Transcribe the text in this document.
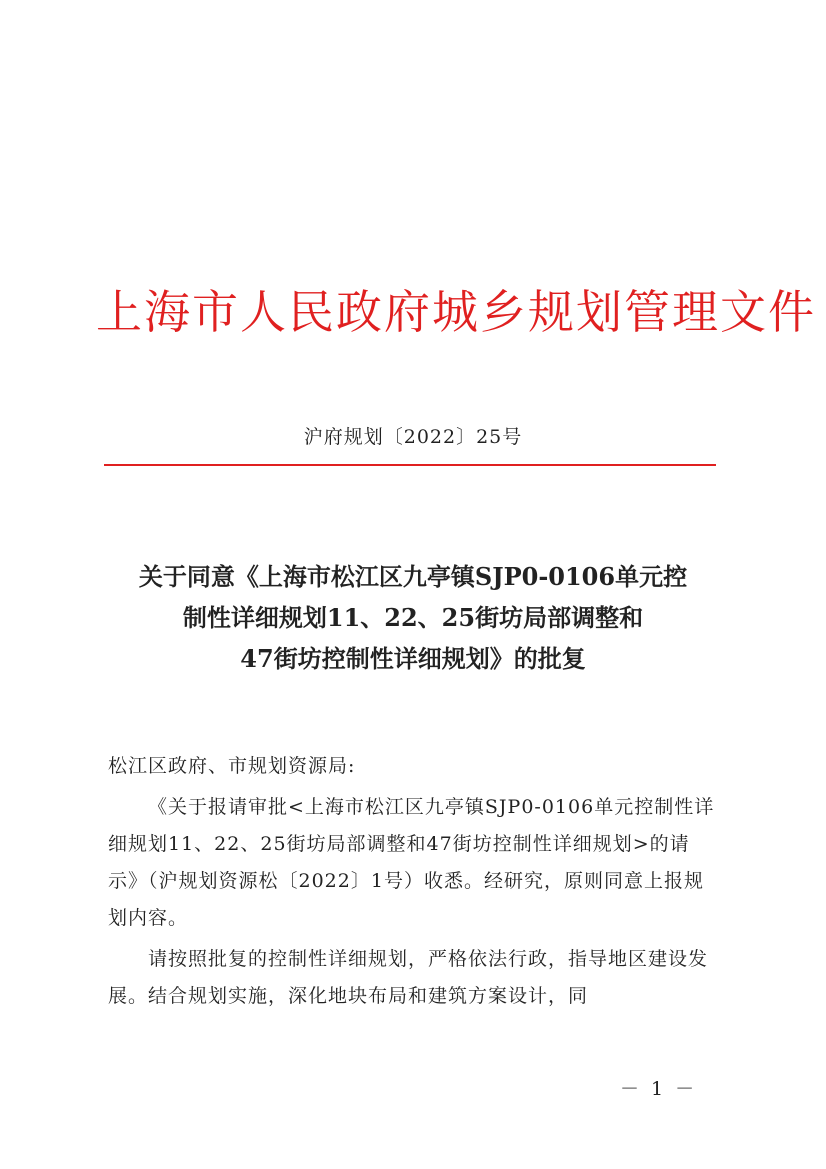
上海市人民政府城乡规划管理文件
沪府规划〔2022〕25号
关于同意《上海市松江区九亭镇SJP0-0106单元控
制性详细规划11、22、25街坊局部调整和
47街坊控制性详细规划》的批复

松江区政府、市规划资源局:

《关于报请审批<上海市松江区九亭镇SJP0-0106单元控制性详细规划11、22、25街坊局部调整和47街坊控制性详细规划>的请示》（沪规划资源松〔2022〕1号）收悉。经研究，原则同意上报规划内容。

请按照批复的控制性详细规划，严格依法行政，指导地区建设发展。结合规划实施，深化地块布局和建筑方案设计，同

－ 1 －
